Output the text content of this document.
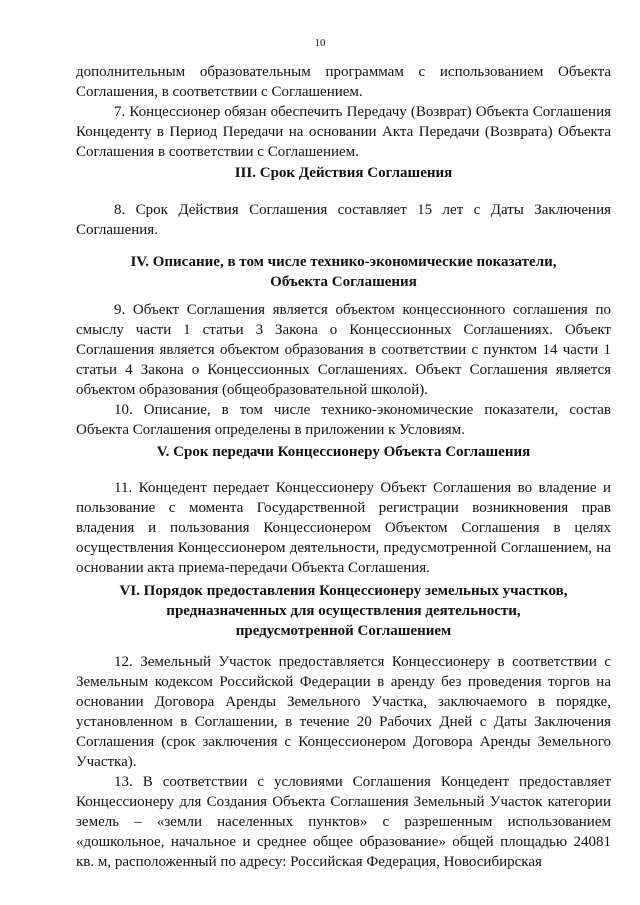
10

дополнительным образовательным программам с использованием Объекта Соглашения, в соответствии с Соглашением.

7. Концессионер обязан обеспечить Передачу (Возврат) Объекта Соглашения Концеденту в Период Передачи на основании Акта Передачи (Возврата) Объекта Соглашения в соответствии с Соглашением.

III. Срок Действия Соглашения

8. Срок Действия Соглашения составляет 15 лет с Даты Заключения Соглашения.

IV. Описание, в том числе технико-экономические показатели,
Объекта Соглашения

9. Объект Соглашения является объектом концессионного соглашения по смыслу части 1 статьи 3 Закона о Концессионных Соглашениях. Объект Соглашения является объектом образования в соответствии с пунктом 14 части 1 статьи 4 Закона о Концессионных Соглашениях. Объект Соглашения является объектом образования (общеобразовательной школой).

10. Описание, в том числе технико-экономические показатели, состав Объекта Соглашения определены в приложении к Условиям.

V. Срок передачи Концессионеру Объекта Соглашения

11. Концедент передает Концессионеру Объект Соглашения во владение и пользование с момента Государственной регистрации возникновения прав владения и пользования Концессионером Объектом Соглашения в целях осуществления Концессионером деятельности, предусмотренной Соглашением, на основании акта приема-передачи Объекта Соглашения.

VI. Порядок предоставления Концессионеру земельных участков,
предназначенных для осуществления деятельности,
предусмотренной Соглашением

12. Земельный Участок предоставляется Концессионеру в соответствии с Земельным кодексом Российской Федерации в аренду без проведения торгов на основании Договора Аренды Земельного Участка, заключаемого в порядке, установленном в Соглашении, в течение 20 Рабочих Дней с Даты Заключения Соглашения (срок заключения с Концессионером Договора Аренды Земельного Участка).

13. В соответствии с условиями Соглашения Концедент предоставляет Концессионеру для Создания Объекта Соглашения Земельный Участок категории земель – «земли населенных пунктов» с разрешенным использованием «дошкольное, начальное и среднее общее образование» общей площадью 24081 кв. м, расположенный по адресу: Российская Федерация, Новосибирская
